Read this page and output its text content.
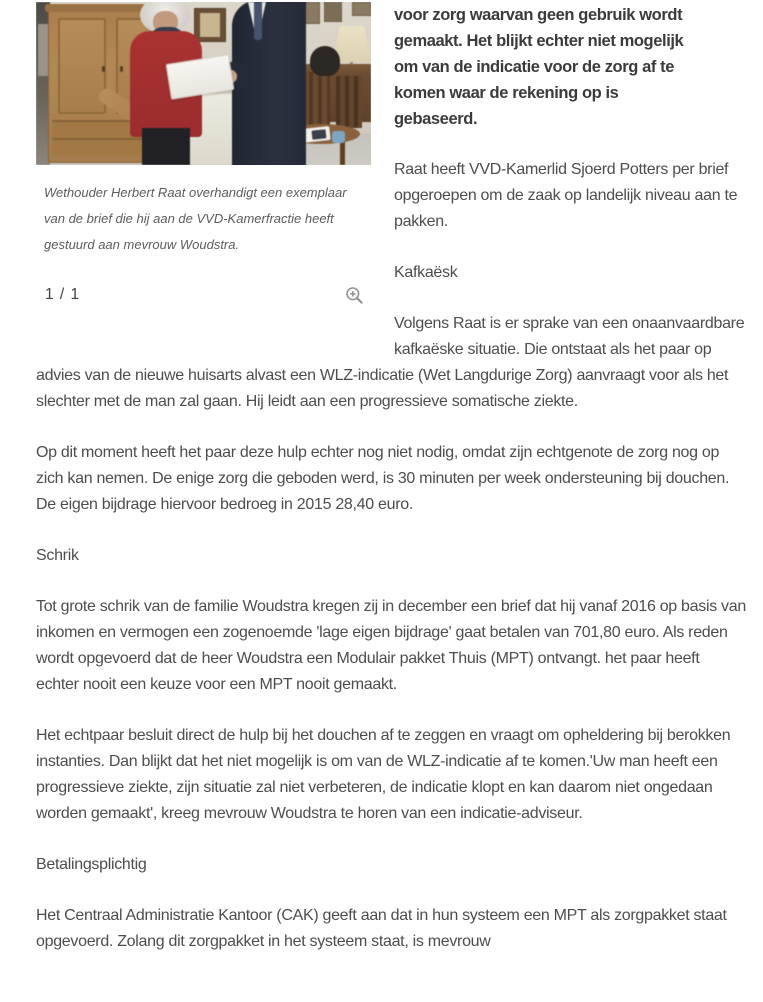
Wethouder Herbert Raat overhandigt een exemplaar
van de brief die hij aan de VVD-Kamerfractie heeft
gestuurd aan mevrouw Woudstra.
1 / 1

voor zorg waarvan geen gebruik wordt
gemaakt. Het blijkt echter niet mogelijk
om van de indicatie voor de zorg af te
komen waar de rekening op is
gebaseerd.

Raat heeft VVD-Kamerlid Sjoerd Potters per brief opgeroepen om de zaak op landelijk niveau aan te pakken.

Kafkaësk

Volgens Raat is er sprake van een onaanvaardbare kafkaëske situatie. Die ontstaat als het paar op advies van de nieuwe huisarts alvast een WLZ-indicatie (Wet Langdurige Zorg) aanvraagt voor als het slechter met de man zal gaan. Hij leidt aan een progressieve somatische ziekte.

Op dit moment heeft het paar deze hulp echter nog niet nodig, omdat zijn echtgenote de zorg nog op zich kan nemen. De enige zorg die geboden werd, is 30 minuten per week ondersteuning bij douchen. De eigen bijdrage hiervoor bedroeg in 2015 28,40 euro.

Schrik

Tot grote schrik van de familie Woudstra kregen zij in december een brief dat hij vanaf 2016 op basis van inkomen en vermogen een zogenoemde 'lage eigen bijdrage' gaat betalen van 701,80 euro. Als reden wordt opgevoerd dat de heer Woudstra een Modulair pakket Thuis (MPT) ontvangt. het paar heeft echter nooit een keuze voor een MPT nooit gemaakt.

Het echtpaar besluit direct de hulp bij het douchen af te zeggen en vraagt om opheldering bij berokken instanties. Dan blijkt dat het niet mogelijk is om van de WLZ-indicatie af te komen.'Uw man heeft een progressieve ziekte, zijn situatie zal niet verbeteren, de indicatie klopt en kan daarom niet ongedaan worden gemaakt', kreeg mevrouw Woudstra te horen van een indicatie-adviseur.

Betalingsplichtig

Het Centraal Administratie Kantoor (CAK) geeft aan dat in hun systeem een MPT als zorgpakket staat opgevoerd. Zolang dit zorgpakket in het systeem staat, is mevrouw
